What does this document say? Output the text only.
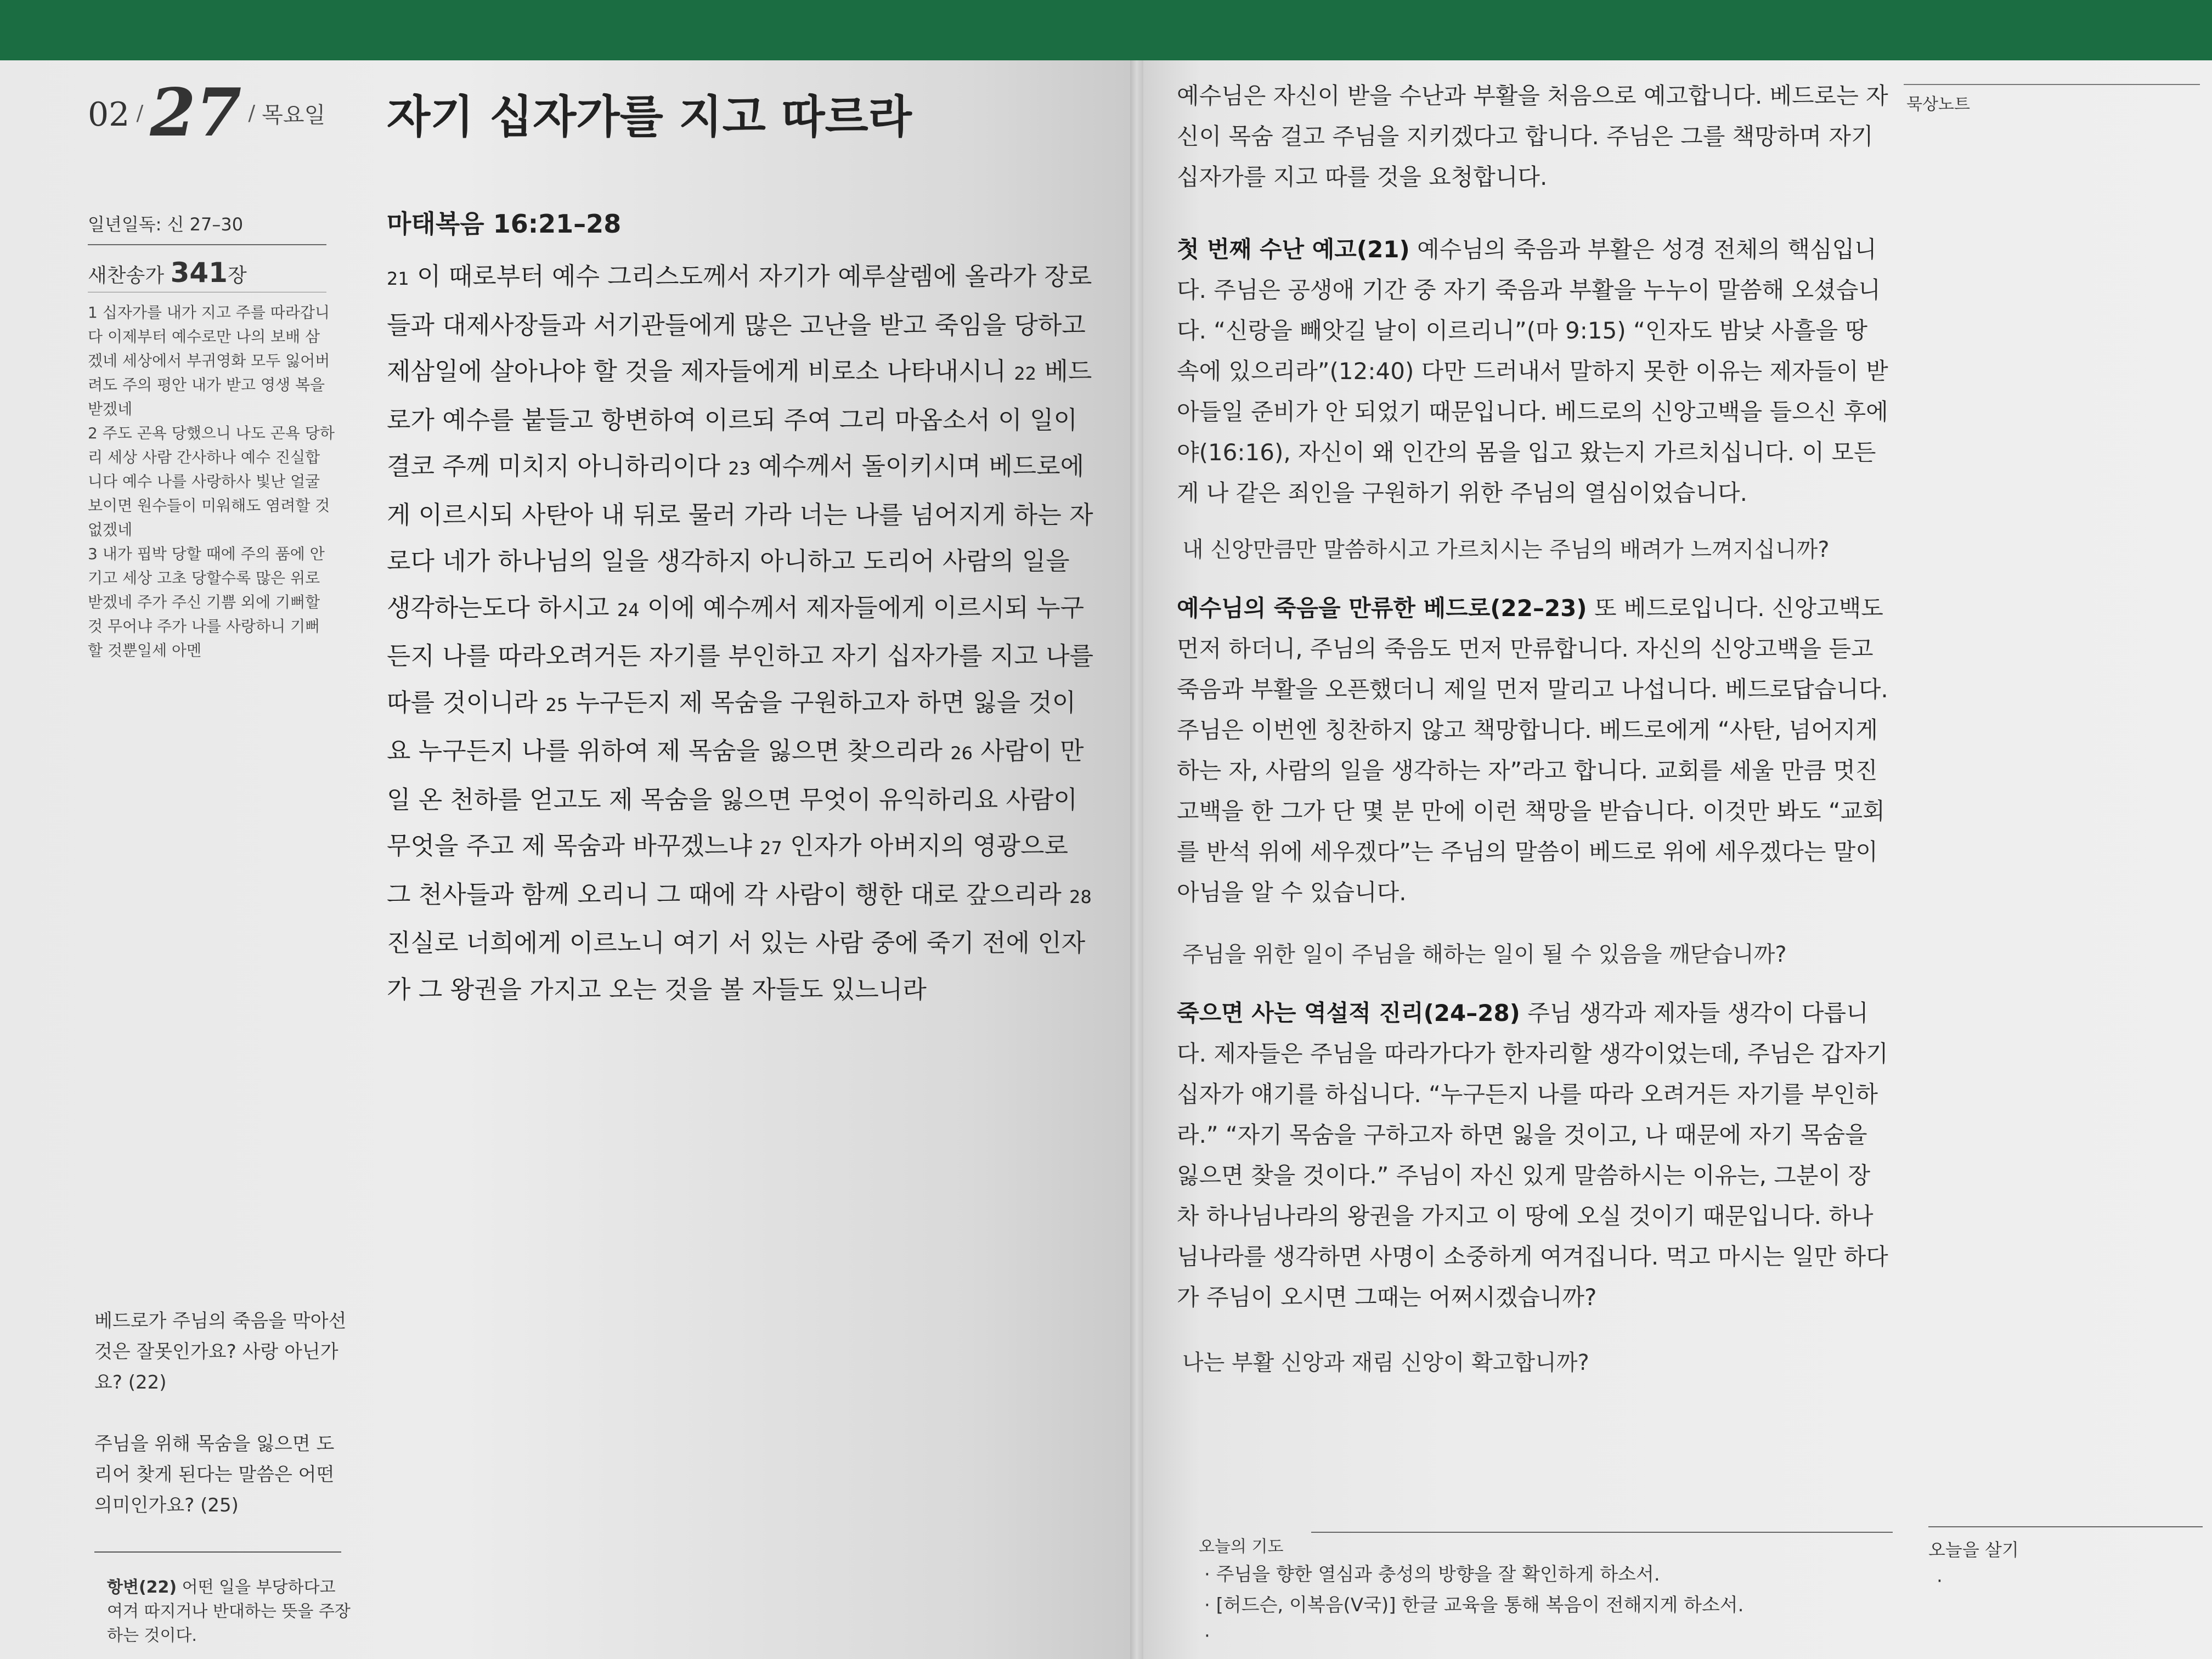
02 / 27 / 목요일 자기 십자가를 지고 따르라
일년일독: 신 27–30
새찬송가 341장

1 십자가를 내가 지고 주를 따라갑니다 이제부터 예수로만 나의 보배 삼겠네 세상에서 부귀영화 모두 잃어버려도 주의 평안 내가 받고 영생 복을 받겠네

2 주도 곤욕 당했으니 나도 곤욕 당하리 세상 사람 간사하나 예수 진실합니다 예수 나를 사랑하사 빛난 얼굴 보이면 원수들이 미워해도 염려할 것 없겠네

3 내가 핍박 당할 때에 주의 품에 안기고 세상 고초 당할수록 많은 위로 받겠네 주가 주신 기쁨 외에 기뻐할 것 무어냐 주가 나를 사랑하니 기뻐할 것뿐일세 아멘

마태복음 16:21–28

21 이 때로부터 예수 그리스도께서 자기가 예루살렘에 올라가 장로들과 대제사장들과 서기관들에게 많은 고난을 받고 죽임을 당하고 제삼일에 살아나야 할 것을 제자들에게 비로소 나타내시니 22 베드로가 예수를 붙들고 항변하여 이르되 주여 그리 마옵소서 이 일이 결코 주께 미치지 아니하리이다 23 예수께서 돌이키시며 베드로에게 이르시되 사탄아 내 뒤로 물러 가라 너는 나를 넘어지게 하는 자로다 네가 하나님의 일을 생각하지 아니하고 도리어 사람의 일을 생각하는도다 하시고 24 이에 예수께서 제자들에게 이르시되 누구든지 나를 따라오려거든 자기를 부인하고 자기 십자가를 지고 나를 따를 것이니라 25 누구든지 제 목숨을 구원하고자 하면 잃을 것이요 누구든지 나를 위하여 제 목숨을 잃으면 찾으리라 26 사람이 만일 온 천하를 얻고도 제 목숨을 잃으면 무엇이 유익하리요 사람이 무엇을 주고 제 목숨과 바꾸겠느냐 27 인자가 아버지의 영광으로 그 천사들과 함께 오리니 그 때에 각 사람이 행한 대로 갚으리라 28 진실로 너희에게 이르노니 여기 서 있는 사람 중에 죽기 전에 인자가 그 왕권을 가지고 오는 것을 볼 자들도 있느니라

베드로가 주님의 죽음을 막아선 것은 잘못인가요? 사랑 아닌가요? (22)
주님을 위해 목숨을 잃으면 도리어 찾게 된다는 말씀은 어떤 의미인가요? (25)
항변(22) 어떤 일을 부당하다고 여겨 따지거나 반대하는 뜻을 주장하는 것이다.

예수님은 자신이 받을 수난과 부활을 처음으로 예고합니다. 베드로는 자신이 목숨 걸고 주님을 지키겠다고 합니다. 주님은 그를 책망하며 자기 십자가를 지고 따를 것을 요청합니다.

첫 번째 수난 예고(21) 예수님의 죽음과 부활은 성경 전체의 핵심입니다. 주님은 공생애 기간 중 자기 죽음과 부활을 누누이 말씀해 오셨습니다. “신랑을 빼앗길 날이 이르리니”(마 9:15) “인자도 밤낮 사흘을 땅 속에 있으리라”(12:40) 다만 드러내서 말하지 못한 이유는 제자들이 받아들일 준비가 안 되었기 때문입니다. 베드로의 신앙고백을 들으신 후에야(16:16), 자신이 왜 인간의 몸을 입고 왔는지 가르치십니다. 이 모든 게 나 같은 죄인을 구원하기 위한 주님의 열심이었습니다.

내 신앙만큼만 말씀하시고 가르치시는 주님의 배려가 느껴지십니까?

예수님의 죽음을 만류한 베드로(22–23) 또 베드로입니다. 신앙고백도 먼저 하더니, 주님의 죽음도 먼저 만류합니다. 자신의 신앙고백을 듣고 죽음과 부활을 오픈했더니 제일 먼저 말리고 나섭니다. 베드로답습니다. 주님은 이번엔 칭찬하지 않고 책망합니다. 베드로에게 “사탄, 넘어지게 하는 자, 사람의 일을 생각하는 자”라고 합니다. 교회를 세울 만큼 멋진 고백을 한 그가 단 몇 분 만에 이런 책망을 받습니다. 이것만 봐도 “교회를 반석 위에 세우겠다”는 주님의 말씀이 베드로 위에 세우겠다는 말이 아님을 알 수 있습니다.

주님을 위한 일이 주님을 해하는 일이 될 수 있음을 깨닫습니까?

죽으면 사는 역설적 진리(24–28) 주님 생각과 제자들 생각이 다릅니다. 제자들은 주님을 따라가다가 한자리할 생각이었는데, 주님은 갑자기 십자가 얘기를 하십니다. “누구든지 나를 따라 오려거든 자기를 부인하라.” “자기 목숨을 구하고자 하면 잃을 것이고, 나 때문에 자기 목숨을 잃으면 찾을 것이다.” 주님이 자신 있게 말씀하시는 이유는, 그분이 장차 하나님나라의 왕권을 가지고 이 땅에 오실 것이기 때문입니다. 하나님나라를 생각하면 사명이 소중하게 여겨집니다. 먹고 마시는 일만 하다가 주님이 오시면 그때는 어쩌시겠습니까?

나는 부활 신앙과 재림 신앙이 확고합니까?
묵상노트
오늘의 기도
· 주님을 향한 열심과 충성의 방향을 잘 확인하게 하소서.
· [허드슨, 이복음(V국)] 한글 교육을 통해 복음이 전해지게 하소서.
·
오늘을 살기
·
